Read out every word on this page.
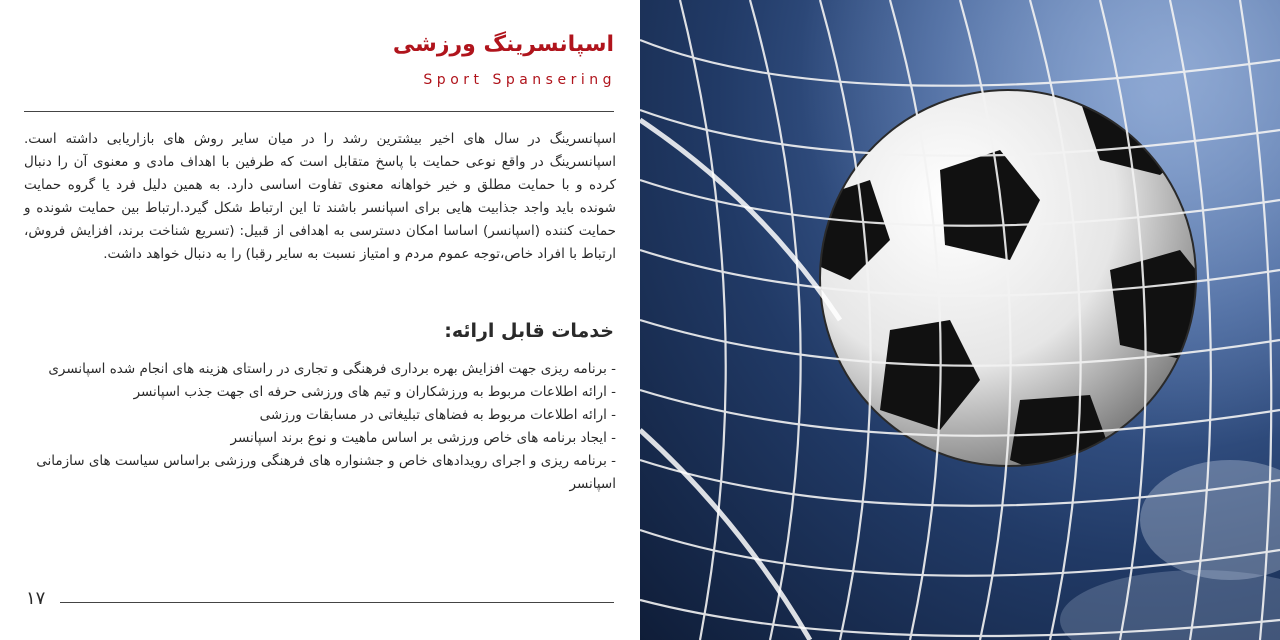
اسپانسرینگ ورزشی
Sport Spansering

اسپانسرینگ در سال های اخیر بیشترین رشد را در میان سایر روش های بازاریابی داشته است. اسپانسرینگ در واقع نوعی حمایت با پاسخ متقابل است که طرفین با اهداف مادی و معنوی آن را دنبال کرده و با حمایت مطلق و خیر خواهانه معنوی تفاوت اساسی دارد. به همین دلیل فرد یا گروه حمایت شونده باید واجد جذابیت هایی برای اسپانسر باشند تا این ارتباط شکل گیرد.ارتباط بین حمایت شونده و حمایت کننده (اسپانسر) اساسا امکان دسترسی به اهدافی از قبیل: (تسریع شناخت برند، افزایش فروش، ارتباط با افراد خاص،توجه عموم مردم و امتیاز نسبت به سایر رقبا) را به دنبال خواهد داشت.

خدمات قابل ارائه:
- برنامه ریزی جهت افزایش بهره برداری فرهنگی و تجاری در راستای هزینه های انجام شده اسپانسری
- ارائه اطلاعات مربوط به ورزشکاران و تیم های ورزشی حرفه ای جهت جذب اسپانسر
- ارائه اطلاعات مربوط به فضاهای تبلیغاتی در مسابقات ورزشی
- ایجاد برنامه های خاص ورزشی بر اساس ماهیت و نوع برند اسپانسر
- برنامه ریزی و اجرای رویدادهای خاص و جشنواره های فرهنگی ورزشی براساس سیاست های سازمانی اسپانسر
۱۷
